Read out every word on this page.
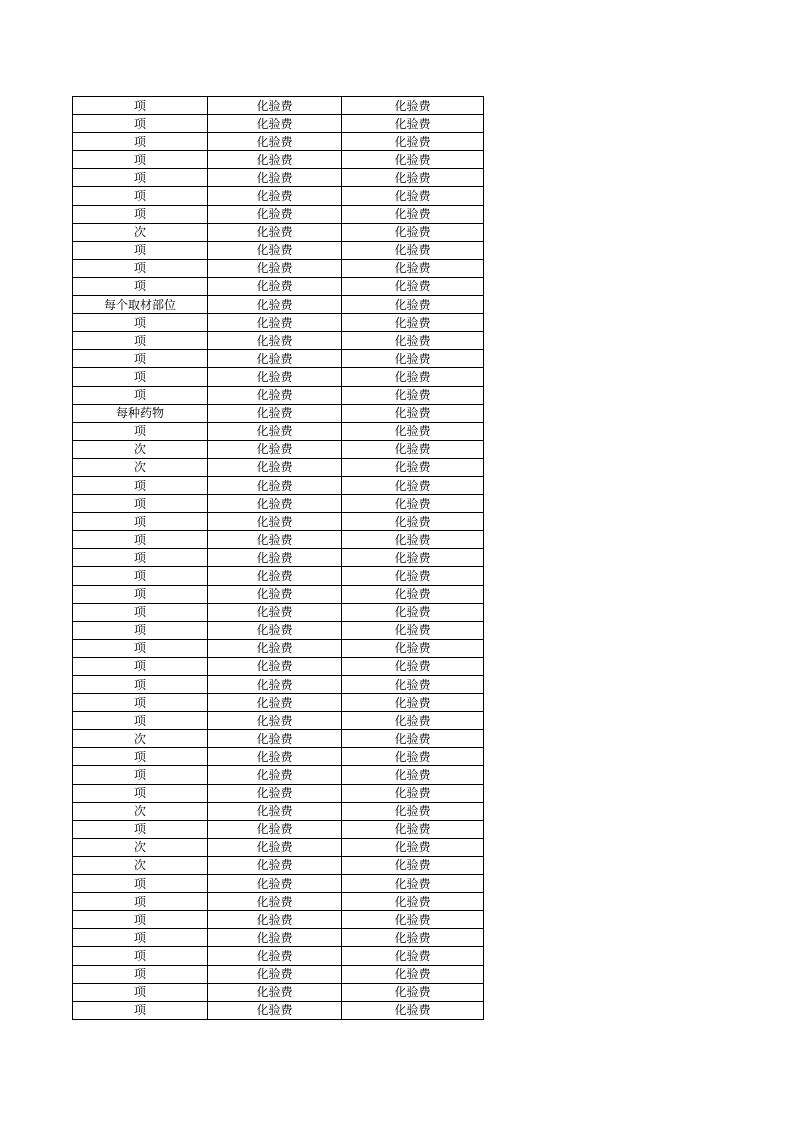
项	化验费	化验费
项	化验费	化验费
项	化验费	化验费
项	化验费	化验费
项	化验费	化验费
项	化验费	化验费
项	化验费	化验费
次	化验费	化验费
项	化验费	化验费
项	化验费	化验费
项	化验费	化验费
每个取材部位	化验费	化验费
项	化验费	化验费
项	化验费	化验费
项	化验费	化验费
项	化验费	化验费
项	化验费	化验费
每种药物	化验费	化验费
项	化验费	化验费
次	化验费	化验费
次	化验费	化验费
项	化验费	化验费
项	化验费	化验费
项	化验费	化验费
项	化验费	化验费
项	化验费	化验费
项	化验费	化验费
项	化验费	化验费
项	化验费	化验费
项	化验费	化验费
项	化验费	化验费
项	化验费	化验费
项	化验费	化验费
项	化验费	化验费
项	化验费	化验费
次	化验费	化验费
项	化验费	化验费
项	化验费	化验费
项	化验费	化验费
次	化验费	化验费
项	化验费	化验费
次	化验费	化验费
次	化验费	化验费
项	化验费	化验费
项	化验费	化验费
项	化验费	化验费
项	化验费	化验费
项	化验费	化验费
项	化验费	化验费
项	化验费	化验费
项	化验费	化验费
